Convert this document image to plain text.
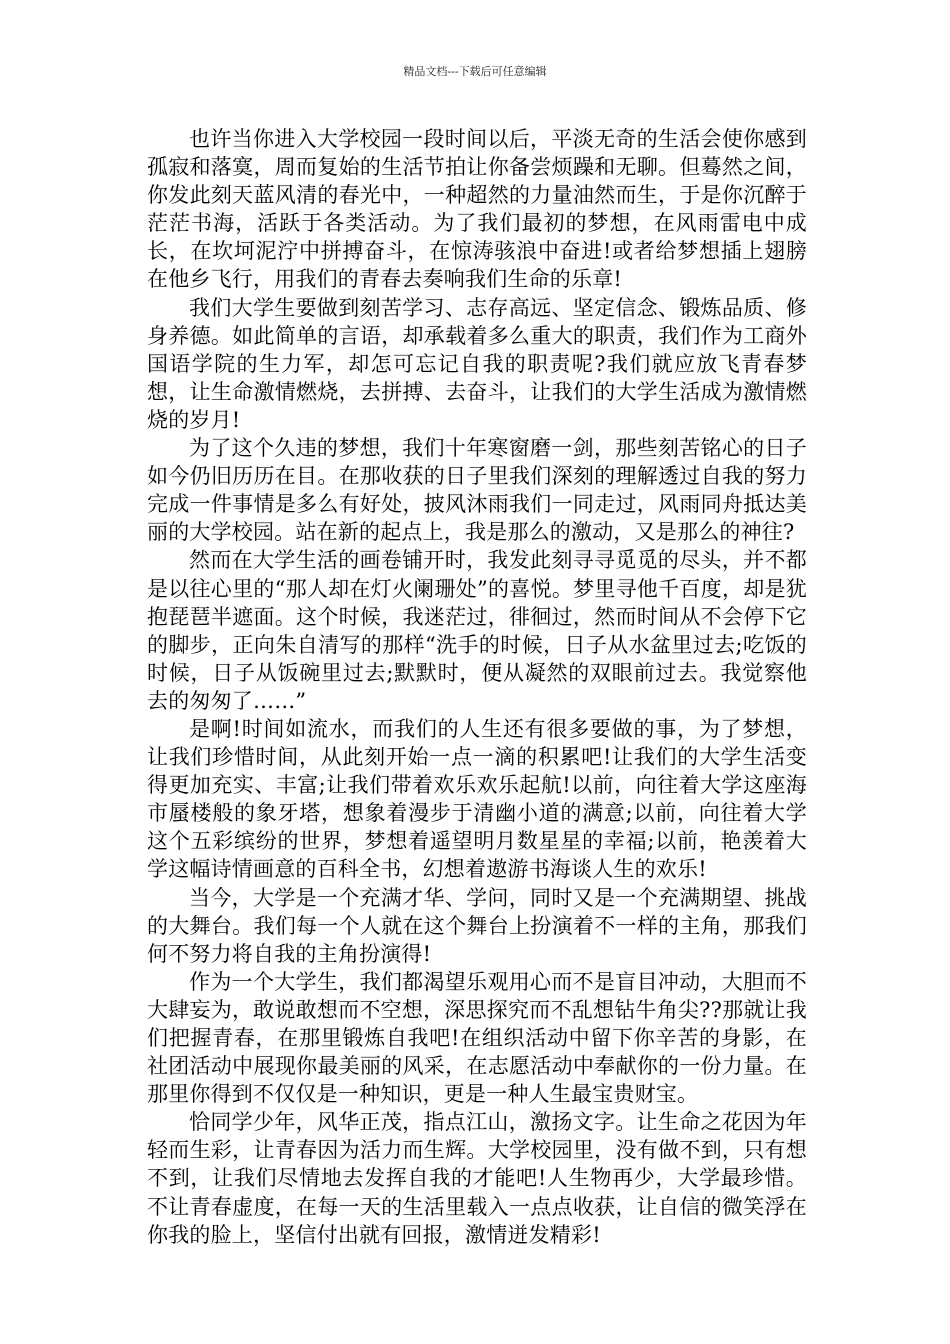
精品文档---下载后可任意编辑

也许当你进入大学校园一段时间以后，平淡无奇的生活会使你感到孤寂和落寞，周而复始的生活节拍让你备尝烦躁和无聊。但蓦然之间，你发此刻天蓝风清的春光中，一种超然的力量油然而生，于是你沉醉于茫茫书海，活跃于各类活动。为了我们最初的梦想，在风雨雷电中成长，在坎坷泥泞中拼搏奋斗，在惊涛骇浪中奋进!或者给梦想插上翅膀在他乡飞行，用我们的青春去奏响我们生命的乐章!

我们大学生要做到刻苦学习、志存高远、坚定信念、锻炼品质、修身养德。如此简单的言语，却承载着多么重大的职责，我们作为工商外国语学院的生力军，却怎可忘记自我的职责呢?我们就应放飞青春梦想，让生命激情燃烧，去拼搏、去奋斗，让我们的大学生活成为激情燃烧的岁月!

为了这个久违的梦想，我们十年寒窗磨一剑，那些刻苦铭心的日子如今仍旧历历在目。在那收获的日子里我们深刻的理解透过自我的努力完成一件事情是多么有好处，披风沐雨我们一同走过，风雨同舟抵达美丽的大学校园。站在新的起点上，我是那么的激动，又是那么的神往?

然而在大学生活的画卷铺开时，我发此刻寻寻觅觅的尽头，并不都是以往心里的“那人却在灯火阑珊处”的喜悦。梦里寻他千百度，却是犹抱琵琶半遮面。这个时候，我迷茫过，徘徊过，然而时间从不会停下它的脚步，正向朱自清写的那样“洗手的时候，日子从水盆里过去;吃饭的时候，日子从饭碗里过去;默默时，便从凝然的双眼前过去。我觉察他去的匆匆了……”

是啊!时间如流水，而我们的人生还有很多要做的事，为了梦想，让我们珍惜时间，从此刻开始一点一滴的积累吧!让我们的大学生活变得更加充实、丰富;让我们带着欢乐欢乐起航!以前，向往着大学这座海市蜃楼般的象牙塔，想象着漫步于清幽小道的满意;以前，向往着大学这个五彩缤纷的世界，梦想着遥望明月数星星的幸福;以前，艳羡着大学这幅诗情画意的百科全书，幻想着遨游书海谈人生的欢乐!

当今，大学是一个充满才华、学问，同时又是一个充满期望、挑战的大舞台。我们每一个人就在这个舞台上扮演着不一样的主角，那我们何不努力将自我的主角扮演得!

作为一个大学生，我们都渴望乐观用心而不是盲目冲动，大胆而不大肆妄为，敢说敢想而不空想，深思探究而不乱想钻牛角尖??那就让我们把握青春，在那里锻炼自我吧!在组织活动中留下你辛苦的身影，在社团活动中展现你最美丽的风采，在志愿活动中奉献你的一份力量。在那里你得到不仅仅是一种知识，更是一种人生最宝贵财宝。

恰同学少年，风华正茂，指点江山，激扬文字。让生命之花因为年轻而生彩，让青春因为活力而生辉。大学校园里，没有做不到，只有想不到，让我们尽情地去发挥自我的才能吧!人生物再少，大学最珍惜。不让青春虚度，在每一天的生活里载入一点点收获，让自信的微笑浮在你我的脸上，坚信付出就有回报，激情迸发精彩!
